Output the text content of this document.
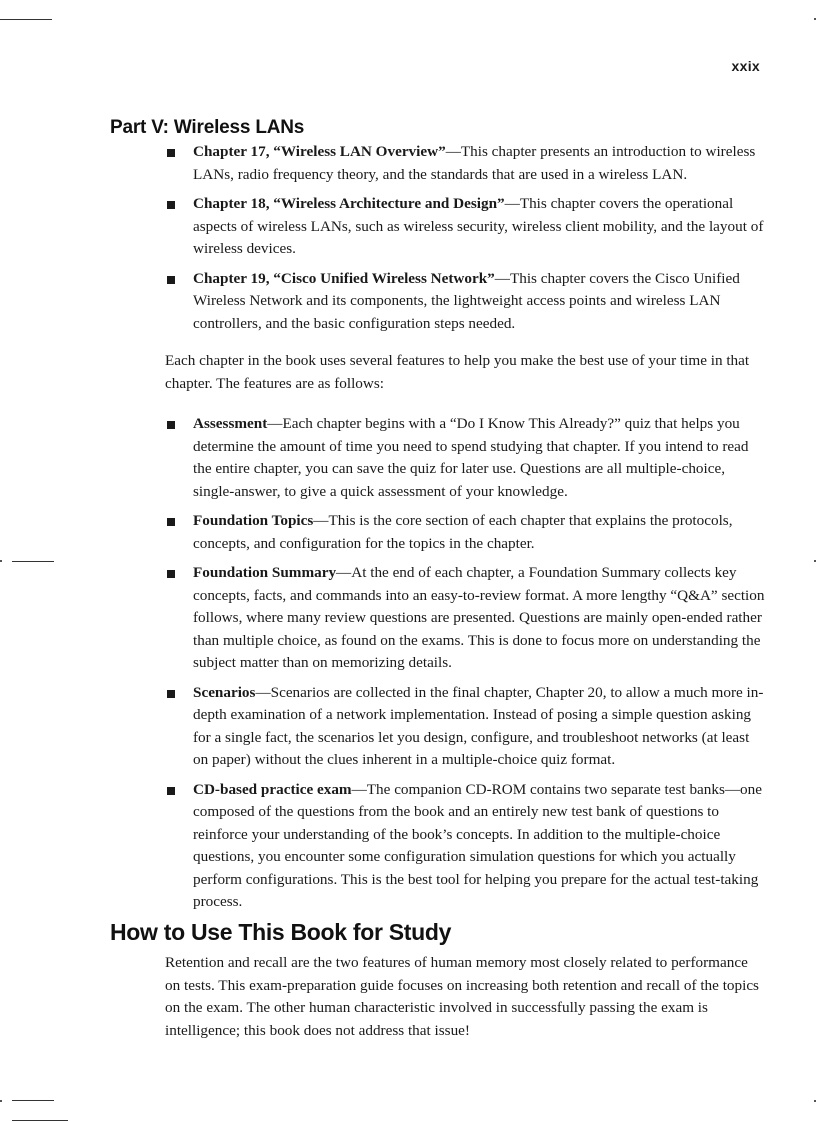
xxix
Part V: Wireless LANs
Chapter 17, “Wireless LAN Overview”—This chapter presents an introduction to wireless LANs, radio frequency theory, and the standards that are used in a wireless LAN.
Chapter 18, “Wireless Architecture and Design”—This chapter covers the operational aspects of wireless LANs, such as wireless security, wireless client mobility, and the layout of wireless devices.
Chapter 19, “Cisco Unified Wireless Network”—This chapter covers the Cisco Unified Wireless Network and its components, the lightweight access points and wireless LAN controllers, and the basic configuration steps needed.

Each chapter in the book uses several features to help you make the best use of your time in that chapter. The features are as follows:

Assessment—Each chapter begins with a “Do I Know This Already?” quiz that helps you determine the amount of time you need to spend studying that chapter. If you intend to read the entire chapter, you can save the quiz for later use. Questions are all multiple-choice, single-answer, to give a quick assessment of your knowledge.
Foundation Topics—This is the core section of each chapter that explains the protocols, concepts, and configuration for the topics in the chapter.
Foundation Summary—At the end of each chapter, a Foundation Summary collects key concepts, facts, and commands into an easy-to-review format. A more lengthy “Q&A” section follows, where many review questions are presented. Questions are mainly open-ended rather than multiple choice, as found on the exams. This is done to focus more on understanding the subject matter than on memorizing details.
Scenarios—Scenarios are collected in the final chapter, Chapter 20, to allow a much more in-depth examination of a network implementation. Instead of posing a simple question asking for a single fact, the scenarios let you design, configure, and troubleshoot networks (at least on paper) without the clues inherent in a multiple-choice quiz format.
CD-based practice exam—The companion CD-ROM contains two separate test banks—one composed of the questions from the book and an entirely new test bank of questions to reinforce your understanding of the book’s concepts. In addition to the multiple-choice questions, you encounter some configuration simulation questions for which you actually perform configurations. This is the best tool for helping you prepare for the actual test-taking process.
How to Use This Book for Study

Retention and recall are the two features of human memory most closely related to performance on tests. This exam-preparation guide focuses on increasing both retention and recall of the topics on the exam. The other human characteristic involved in successfully passing the exam is intelligence; this book does not address that issue!
